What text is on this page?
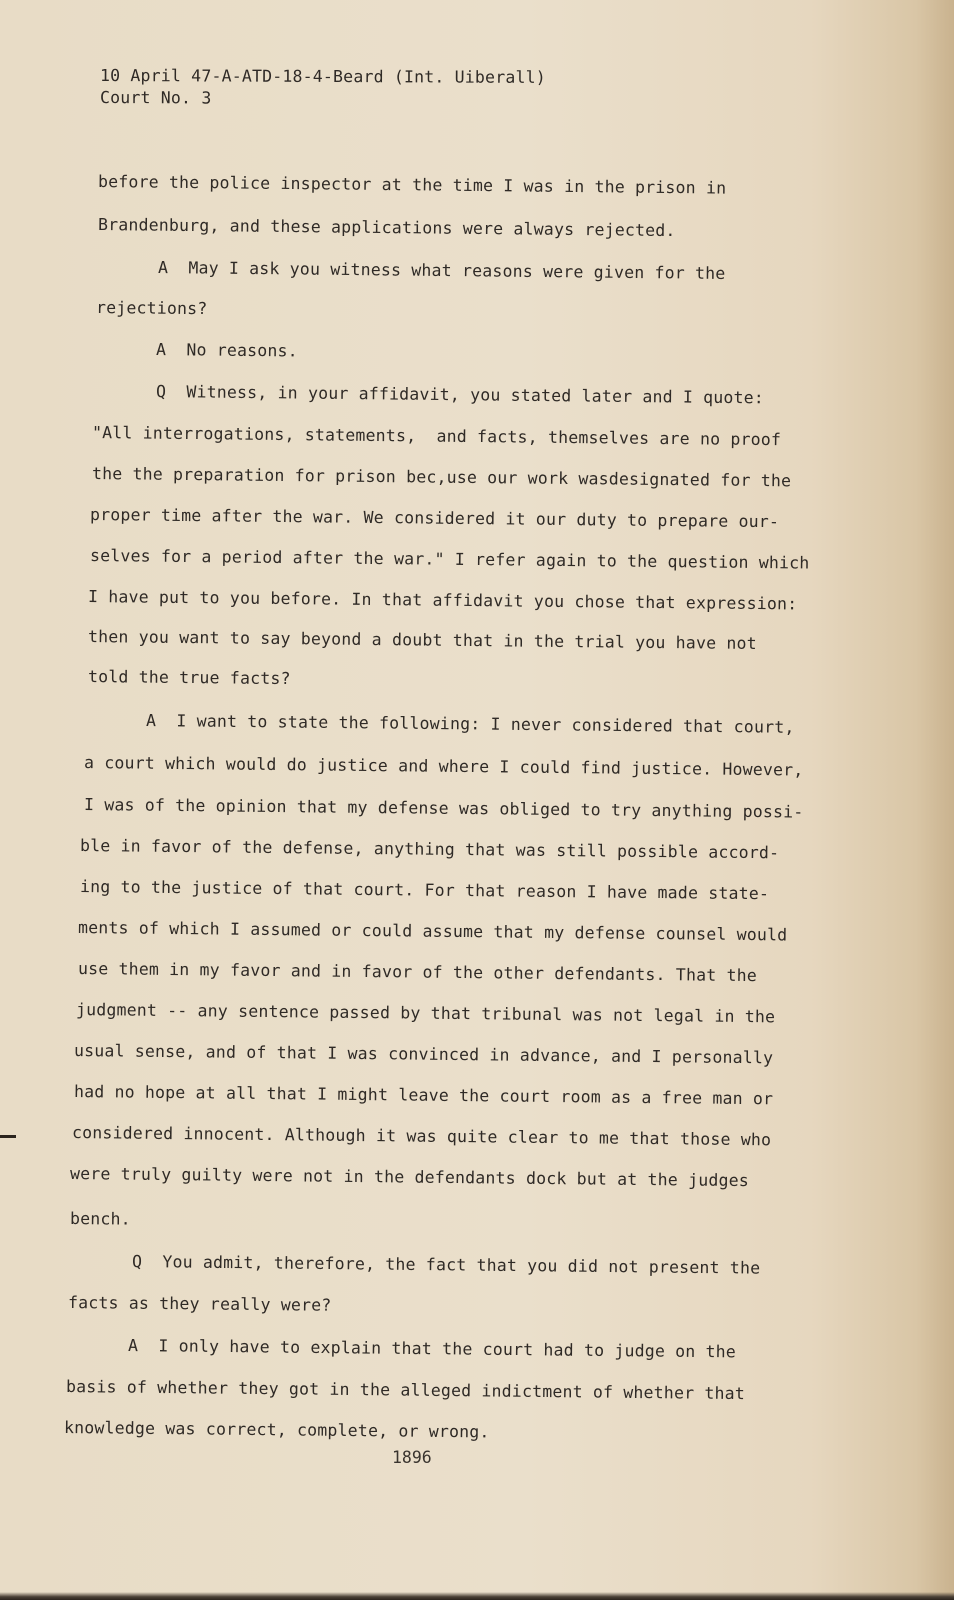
10 April 47-A-ATD-18-4-Beard (Int. Uiberall)
Court No. 3
before the police inspector at the time I was in the prison in
Brandenburg, and these applications were always rejected.
A  May I ask you witness what reasons were given for the
rejections?
A  No reasons.
Q  Witness, in your affidavit, you stated later and I quote:
"All interrogations, statements,  and facts, themselves are no proof
the the preparation for prison bec,use our work wasdesignated for the
proper time after the war. We considered it our duty to prepare our-
selves for a period after the war." I refer again to the question which
I have put to you before. In that affidavit you chose that expression:
then you want to say beyond a doubt that in the trial you have not
told the true facts?
A  I want to state the following: I never considered that court,
a court which would do justice and where I could find justice. However,
I was of the opinion that my defense was obliged to try anything possi-
ble in favor of the defense, anything that was still possible accord-
ing to the justice of that court. For that reason I have made state-
ments of which I assumed or could assume that my defense counsel would
use them in my favor and in favor of the other defendants. That the
judgment -- any sentence passed by that tribunal was not legal in the
usual sense, and of that I was convinced in advance, and I personally
had no hope at all that I might leave the court room as a free man or
considered innocent. Although it was quite clear to me that those who
were truly guilty were not in the defendants dock but at the judges
bench.
Q  You admit, therefore, the fact that you did not present the
facts as they really were?
A  I only have to explain that the court had to judge on the
basis of whether they got in the alleged indictment of whether that
knowledge was correct, complete, or wrong.
1896
